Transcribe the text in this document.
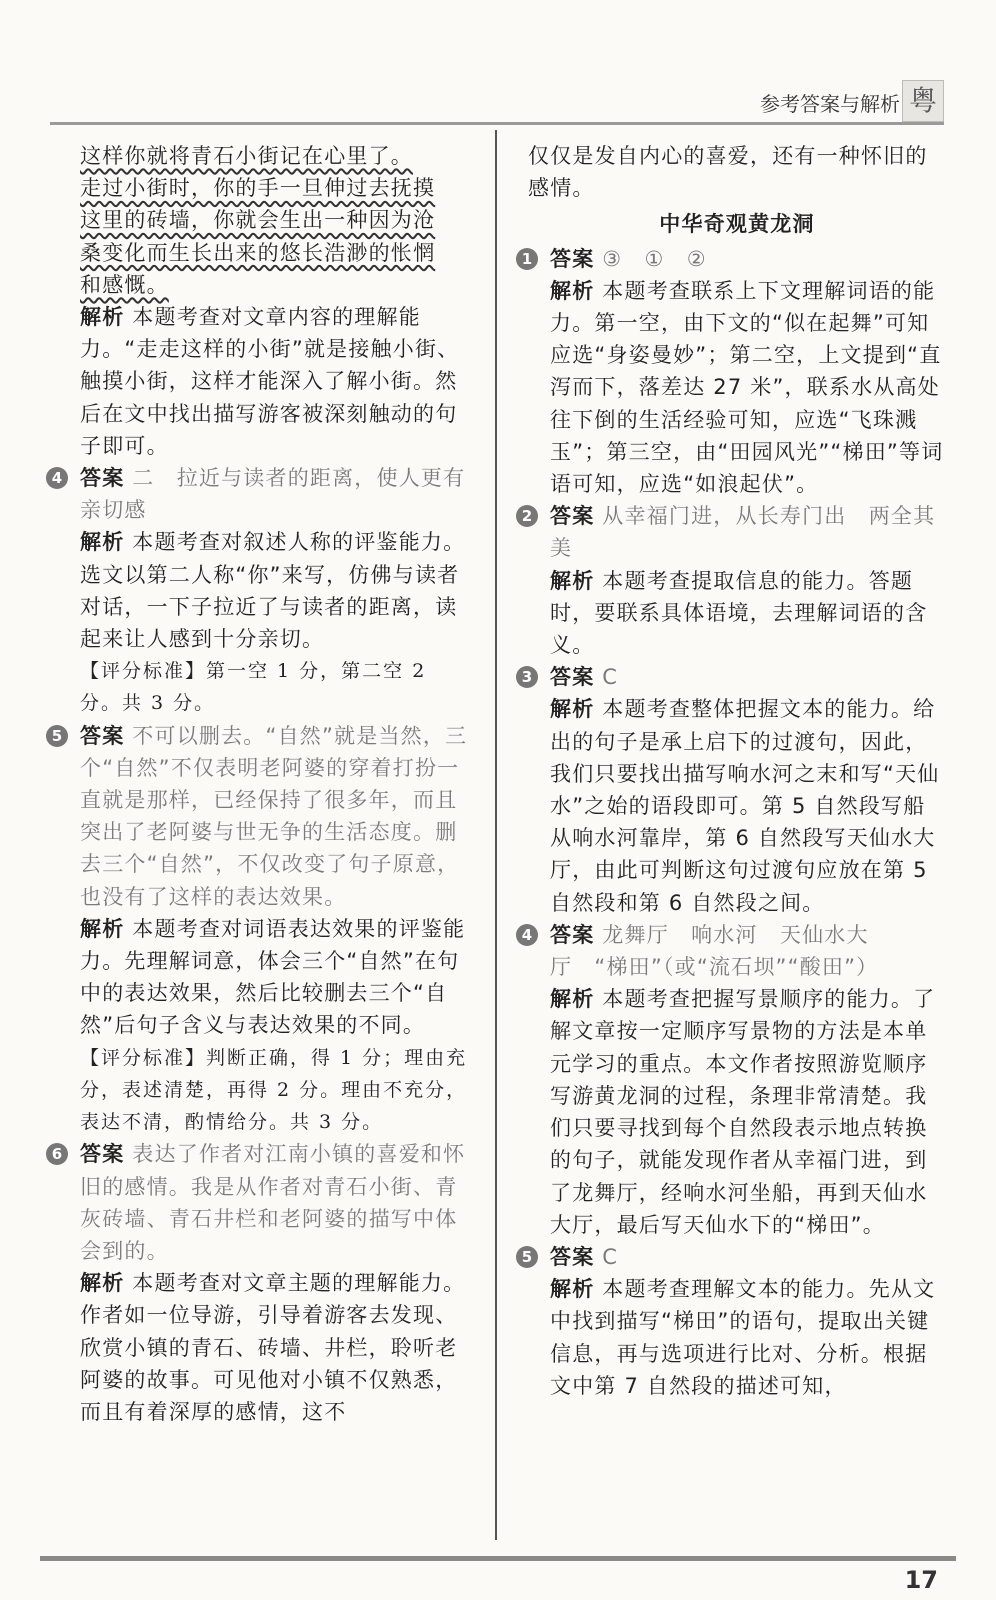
参考答案与解析 粤

这样你就将青石小街记在心里了。

走过小街时，你的手一旦伸过去抚摸

这里的砖墙，你就会生出一种因为沧

桑变化而生长出来的悠长浩渺的怅惘

和感慨。

解析 本题考查对文章内容的理解能力。“走走这样的小街”就是接触小街、触摸小街，这样才能深入了解小街。然后在文中找出描写游客被深刻触动的句子即可。

4 答案 二　拉近与读者的距离，使人更有亲切感

解析 本题考查对叙述人称的评鉴能力。选文以第二人称“你”来写，仿佛与读者对话，一下子拉近了与读者的距离，读起来让人感到十分亲切。

【评分标准】第一空 1 分，第二空 2 分。共 3 分。

5 答案 不可以删去。“自然”就是当然，三个“自然”不仅表明老阿婆的穿着打扮一直就是那样，已经保持了很多年，而且突出了老阿婆与世无争的生活态度。删去三个“自然”，不仅改变了句子原意，也没有了这样的表达效果。

解析 本题考查对词语表达效果的评鉴能力。先理解词意，体会三个“自然”在句中的表达效果，然后比较删去三个“自然”后句子含义与表达效果的不同。

【评分标准】判断正确，得 1 分；理由充分，表述清楚，再得 2 分。理由不充分，表达不清，酌情给分。共 3 分。

6 答案 表达了作者对江南小镇的喜爱和怀旧的感情。我是从作者对青石小街、青灰砖墙、青石井栏和老阿婆的描写中体会到的。

解析 本题考查对文章主题的理解能力。作者如一位导游，引导着游客去发现、欣赏小镇的青石、砖墙、井栏，聆听老阿婆的故事。可见他对小镇不仅熟悉，而且有着深厚的感情，这不

仅仅是发自内心的喜爱，还有一种怀旧的感情。

中华奇观黄龙洞

1 答案 ③　①　②

解析 本题考查联系上下文理解词语的能力。第一空，由下文的“似在起舞”可知应选“身姿曼妙”；第二空，上文提到“直泻而下，落差达 27 米”，联系水从高处往下倒的生活经验可知，应选“飞珠溅玉”；第三空，由“田园风光”“梯田”等词语可知，应选“如浪起伏”。

2 答案 从幸福门进，从长寿门出　两全其美

解析 本题考查提取信息的能力。答题时，要联系具体语境，去理解词语的含义。

3 答案 C

解析 本题考查整体把握文本的能力。给出的句子是承上启下的过渡句，因此，我们只要找出描写响水河之末和写“天仙水”之始的语段即可。第 5 自然段写船从响水河靠岸，第 6 自然段写天仙水大厅，由此可判断这句过渡句应放在第 5 自然段和第 6 自然段之间。

4 答案 龙舞厅　响水河　天仙水大厅　“梯田”（或“流石坝”“酸田”）

解析 本题考查把握写景顺序的能力。了解文章按一定顺序写景物的方法是本单元学习的重点。本文作者按照游览顺序写游黄龙洞的过程，条理非常清楚。我们只要寻找到每个自然段表示地点转换的句子，就能发现作者从幸福门进，到了龙舞厅，经响水河坐船，再到天仙水大厅，最后写天仙水下的“梯田”。

5 答案 C

解析 本题考查理解文本的能力。先从文中找到描写“梯田”的语句，提取出关键信息，再与选项进行比对、分析。根据文中第 7 自然段的描述可知，

17
